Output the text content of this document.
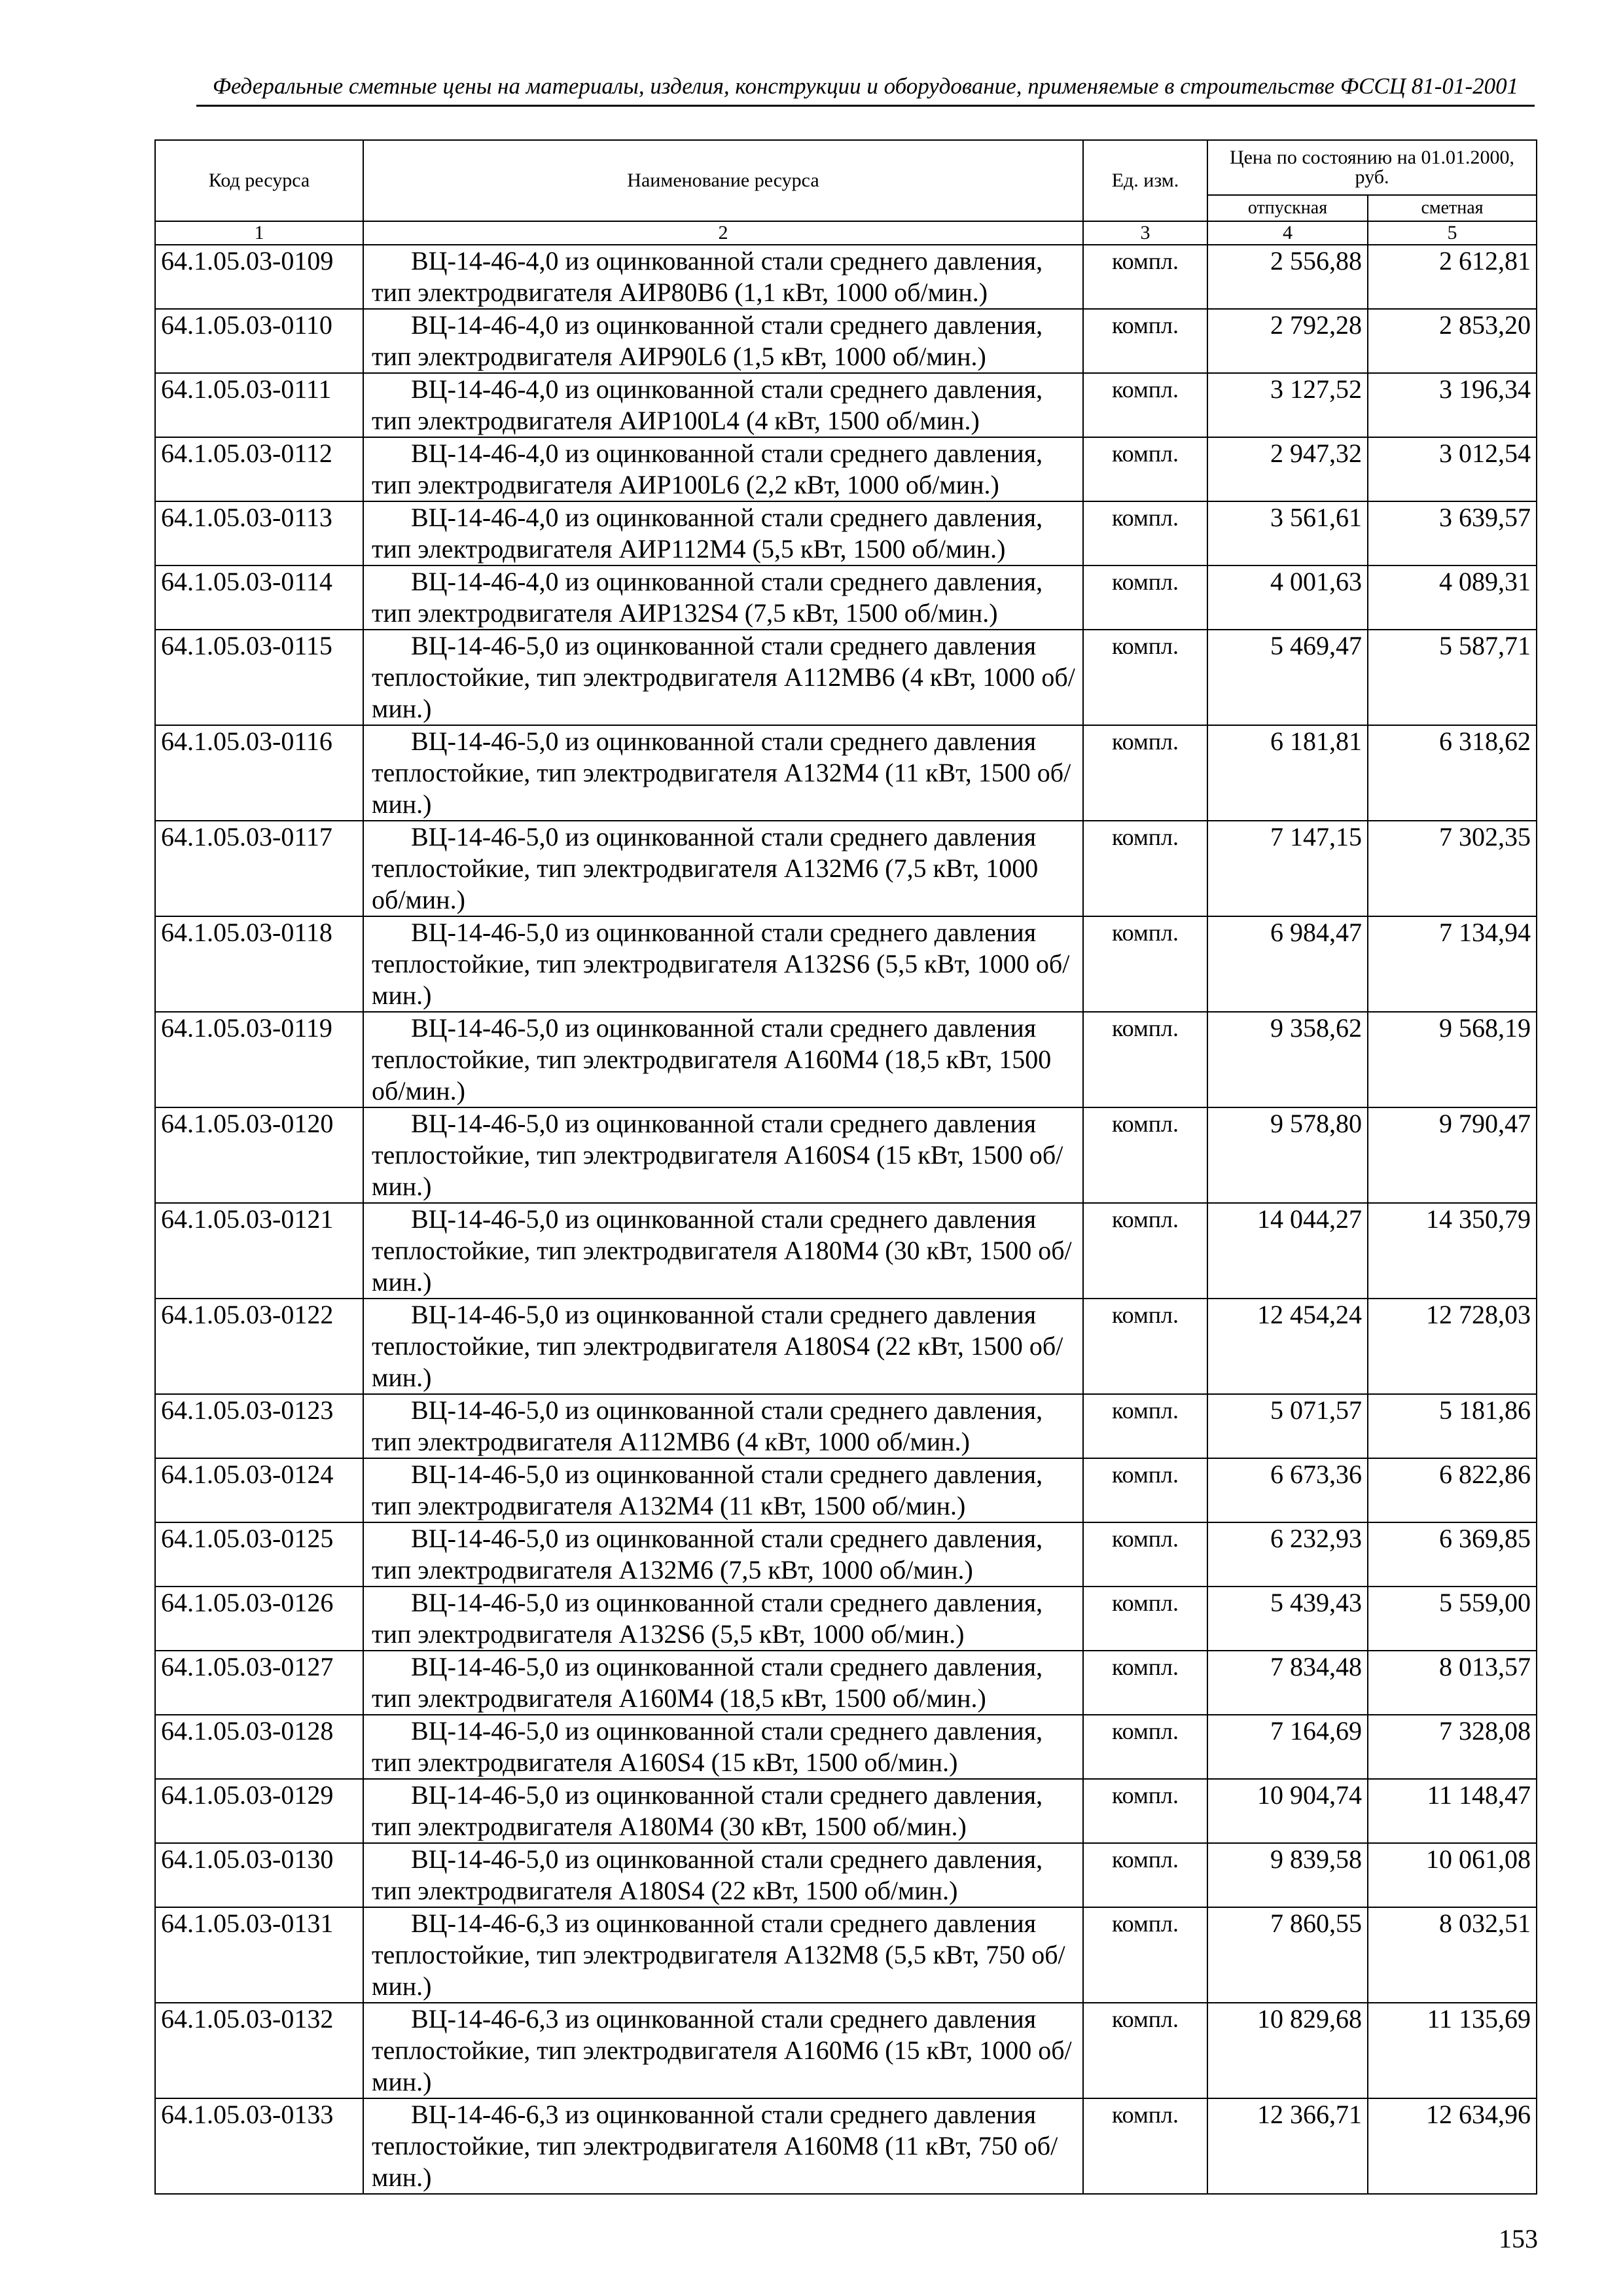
Федеральные сметные цены на материалы, изделия, конструкции и оборудование, применяемые в строительстве ФССЦ 81-01-2001
Код ресурса	Наименование ресурса	Ед. изм.	Цена по состоянию на 01.01.2000, руб.	
			отпускная	сметная
1	2	3	4	5
64.1.05.03-0109	ВЦ-14-46-4,0 из оцинкованной стали среднего давления, тип электродвигателя АИР80В6 (1,1 кВт, 1000 об/мин.)	компл.	2 556,88	2 612,81
64.1.05.03-0110	ВЦ-14-46-4,0 из оцинкованной стали среднего давления, тип электродвигателя АИР90L6 (1,5 кВт, 1000 об/мин.)	компл.	2 792,28	2 853,20
64.1.05.03-0111	ВЦ-14-46-4,0 из оцинкованной стали среднего давления, тип электродвигателя АИР100L4 (4 кВт, 1500 об/мин.)	компл.	3 127,52	3 196,34
64.1.05.03-0112	ВЦ-14-46-4,0 из оцинкованной стали среднего давления, тип электродвигателя АИР100L6 (2,2 кВт, 1000 об/мин.)	компл.	2 947,32	3 012,54
64.1.05.03-0113	ВЦ-14-46-4,0 из оцинкованной стали среднего давления, тип электродвигателя АИР112М4 (5,5 кВт, 1500 об/мин.)	компл.	3 561,61	3 639,57
64.1.05.03-0114	ВЦ-14-46-4,0 из оцинкованной стали среднего давления, тип электродвигателя АИР132S4 (7,5 кВт, 1500 об/мин.)	компл.	4 001,63	4 089,31
64.1.05.03-0115	ВЦ-14-46-5,0 из оцинкованной стали среднего давления теплостойкие, тип электродвигателя А112МВ6 (4 кВт, 1000 об/мин.)	компл.	5 469,47	5 587,71
64.1.05.03-0116	ВЦ-14-46-5,0 из оцинкованной стали среднего давления теплостойкие, тип электродвигателя А132М4 (11 кВт, 1500 об/мин.)	компл.	6 181,81	6 318,62
64.1.05.03-0117	ВЦ-14-46-5,0 из оцинкованной стали среднего давления теплостойкие, тип электродвигателя А132М6 (7,5 кВт, 1000 об/мин.)	компл.	7 147,15	7 302,35
64.1.05.03-0118	ВЦ-14-46-5,0 из оцинкованной стали среднего давления теплостойкие, тип электродвигателя А132S6 (5,5 кВт, 1000 об/мин.)	компл.	6 984,47	7 134,94
64.1.05.03-0119	ВЦ-14-46-5,0 из оцинкованной стали среднего давления теплостойкие, тип электродвигателя А160М4 (18,5 кВт, 1500 об/мин.)	компл.	9 358,62	9 568,19
64.1.05.03-0120	ВЦ-14-46-5,0 из оцинкованной стали среднего давления теплостойкие, тип электродвигателя А160S4 (15 кВт, 1500 об/мин.)	компл.	9 578,80	9 790,47
64.1.05.03-0121	ВЦ-14-46-5,0 из оцинкованной стали среднего давления теплостойкие, тип электродвигателя А180М4 (30 кВт, 1500 об/мин.)	компл.	14 044,27	14 350,79
64.1.05.03-0122	ВЦ-14-46-5,0 из оцинкованной стали среднего давления теплостойкие, тип электродвигателя А180S4 (22 кВт, 1500 об/мин.)	компл.	12 454,24	12 728,03
64.1.05.03-0123	ВЦ-14-46-5,0 из оцинкованной стали среднего давления, тип электродвигателя А112МВ6 (4 кВт, 1000 об/мин.)	компл.	5 071,57	5 181,86
64.1.05.03-0124	ВЦ-14-46-5,0 из оцинкованной стали среднего давления, тип электродвигателя А132М4 (11 кВт, 1500 об/мин.)	компл.	6 673,36	6 822,86
64.1.05.03-0125	ВЦ-14-46-5,0 из оцинкованной стали среднего давления, тип электродвигателя А132М6 (7,5 кВт, 1000 об/мин.)	компл.	6 232,93	6 369,85
64.1.05.03-0126	ВЦ-14-46-5,0 из оцинкованной стали среднего давления, тип электродвигателя А132S6 (5,5 кВт, 1000 об/мин.)	компл.	5 439,43	5 559,00
64.1.05.03-0127	ВЦ-14-46-5,0 из оцинкованной стали среднего давления, тип электродвигателя А160М4 (18,5 кВт, 1500 об/мин.)	компл.	7 834,48	8 013,57
64.1.05.03-0128	ВЦ-14-46-5,0 из оцинкованной стали среднего давления, тип электродвигателя А160S4 (15 кВт, 1500 об/мин.)	компл.	7 164,69	7 328,08
64.1.05.03-0129	ВЦ-14-46-5,0 из оцинкованной стали среднего давления, тип электродвигателя А180М4 (30 кВт, 1500 об/мин.)	компл.	10 904,74	11 148,47
64.1.05.03-0130	ВЦ-14-46-5,0 из оцинкованной стали среднего давления, тип электродвигателя А180S4 (22 кВт, 1500 об/мин.)	компл.	9 839,58	10 061,08
64.1.05.03-0131	ВЦ-14-46-6,3 из оцинкованной стали среднего давления теплостойкие, тип электродвигателя А132М8 (5,5 кВт, 750 об/мин.)	компл.	7 860,55	8 032,51
64.1.05.03-0132	ВЦ-14-46-6,3 из оцинкованной стали среднего давления теплостойкие, тип электродвигателя А160М6 (15 кВт, 1000 об/мин.)	компл.	10 829,68	11 135,69
64.1.05.03-0133	ВЦ-14-46-6,3 из оцинкованной стали среднего давления теплостойкие, тип электродвигателя А160М8 (11 кВт, 750 об/мин.)	компл.	12 366,71	12 634,96
153
